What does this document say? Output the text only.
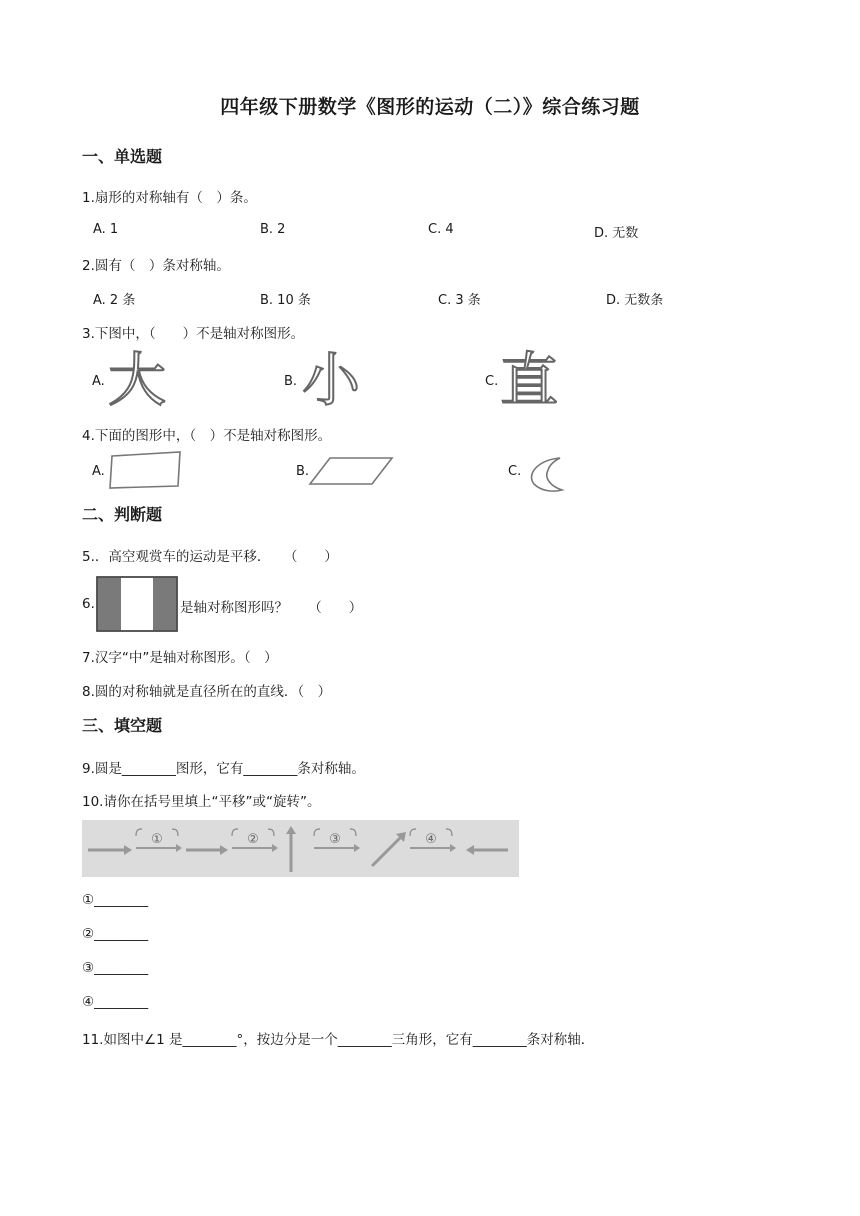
四年级下册数学《图形的运动（二）》综合练习题
一、单选题
1.扇形的对称轴有（　）条。
A. 1	B. 2	C. 4	D. 无数
2.圆有（　）条对称轴。
A. 2 条	B. 10 条	C. 3 条	D. 无数条
3.下图中，（　　）不是轴对称图形。
A. 大	B. 小	C. 直
4.下面的图形中，（　）不是轴对称图形。
A.	B.	C.
二、判断题
5.．高空观赏车的运动是平移．　　（　　）
6.	是轴对称图形吗？　　（　　）
7.汉字“中”是轴对称图形。（　）
8.圆的对称轴就是直径所在的直线．（　）
三、填空题
9.圆是________图形，它有________条对称轴。
10.请你在括号里填上“平移”或“旋转”。
①	②	③	④
①________
②________
③________
④________
11.如图中∠1 是________°，按边分是一个________三角形，它有________条对称轴．
